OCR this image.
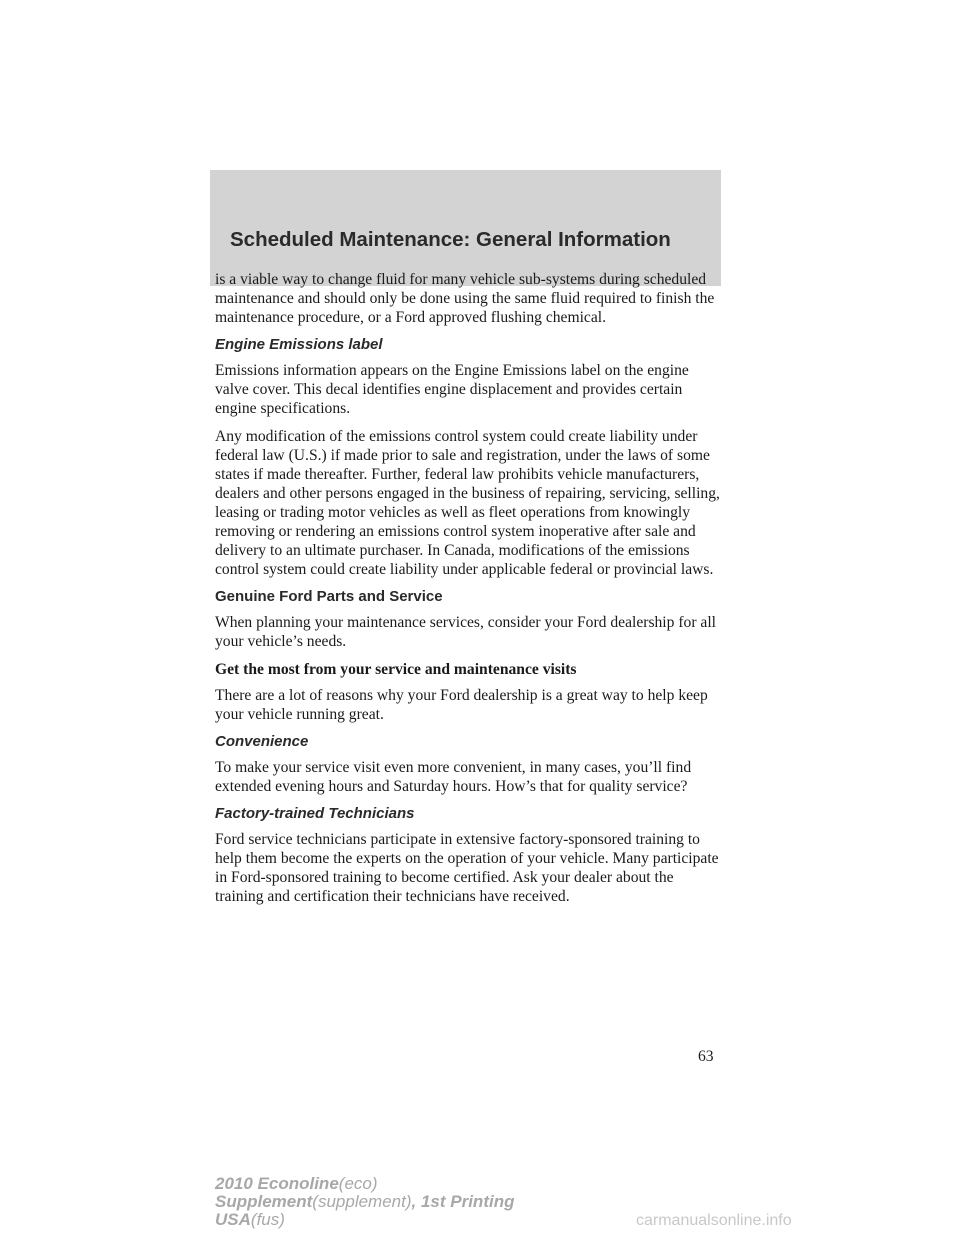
Scheduled Maintenance: General Information

is a viable way to change fluid for many vehicle sub-systems during scheduled maintenance and should only be done using the same fluid required to finish the maintenance procedure, or a Ford approved flushing chemical.

Engine Emissions label

Emissions information appears on the Engine Emissions label on the engine valve cover. This decal identifies engine displacement and provides certain engine specifications.

Any modification of the emissions control system could create liability under federal law (U.S.) if made prior to sale and registration, under the laws of some states if made thereafter. Further, federal law prohibits vehicle manufacturers, dealers and other persons engaged in the business of repairing, servicing, selling, leasing or trading motor vehicles as well as fleet operations from knowingly removing or rendering an emissions control system inoperative after sale and delivery to an ultimate purchaser. In Canada, modifications of the emissions control system could create liability under applicable federal or provincial laws.

Genuine Ford Parts and Service

When planning your maintenance services, consider your Ford dealership for all your vehicle’s needs.

Get the most from your service and maintenance visits

There are a lot of reasons why your Ford dealership is a great way to help keep your vehicle running great.

Convenience

To make your service visit even more convenient, in many cases, you’ll find extended evening hours and Saturday hours. How’s that for quality service?

Factory-trained Technicians

Ford service technicians participate in extensive factory-sponsored training to help them become the experts on the operation of your vehicle. Many participate in Ford-sponsored training to become certified. Ask your dealer about the training and certification their technicians have received.

63
2010 Econoline(eco)
Supplement(supplement), 1st Printing
USA(fus)	carmanualsonline.info
